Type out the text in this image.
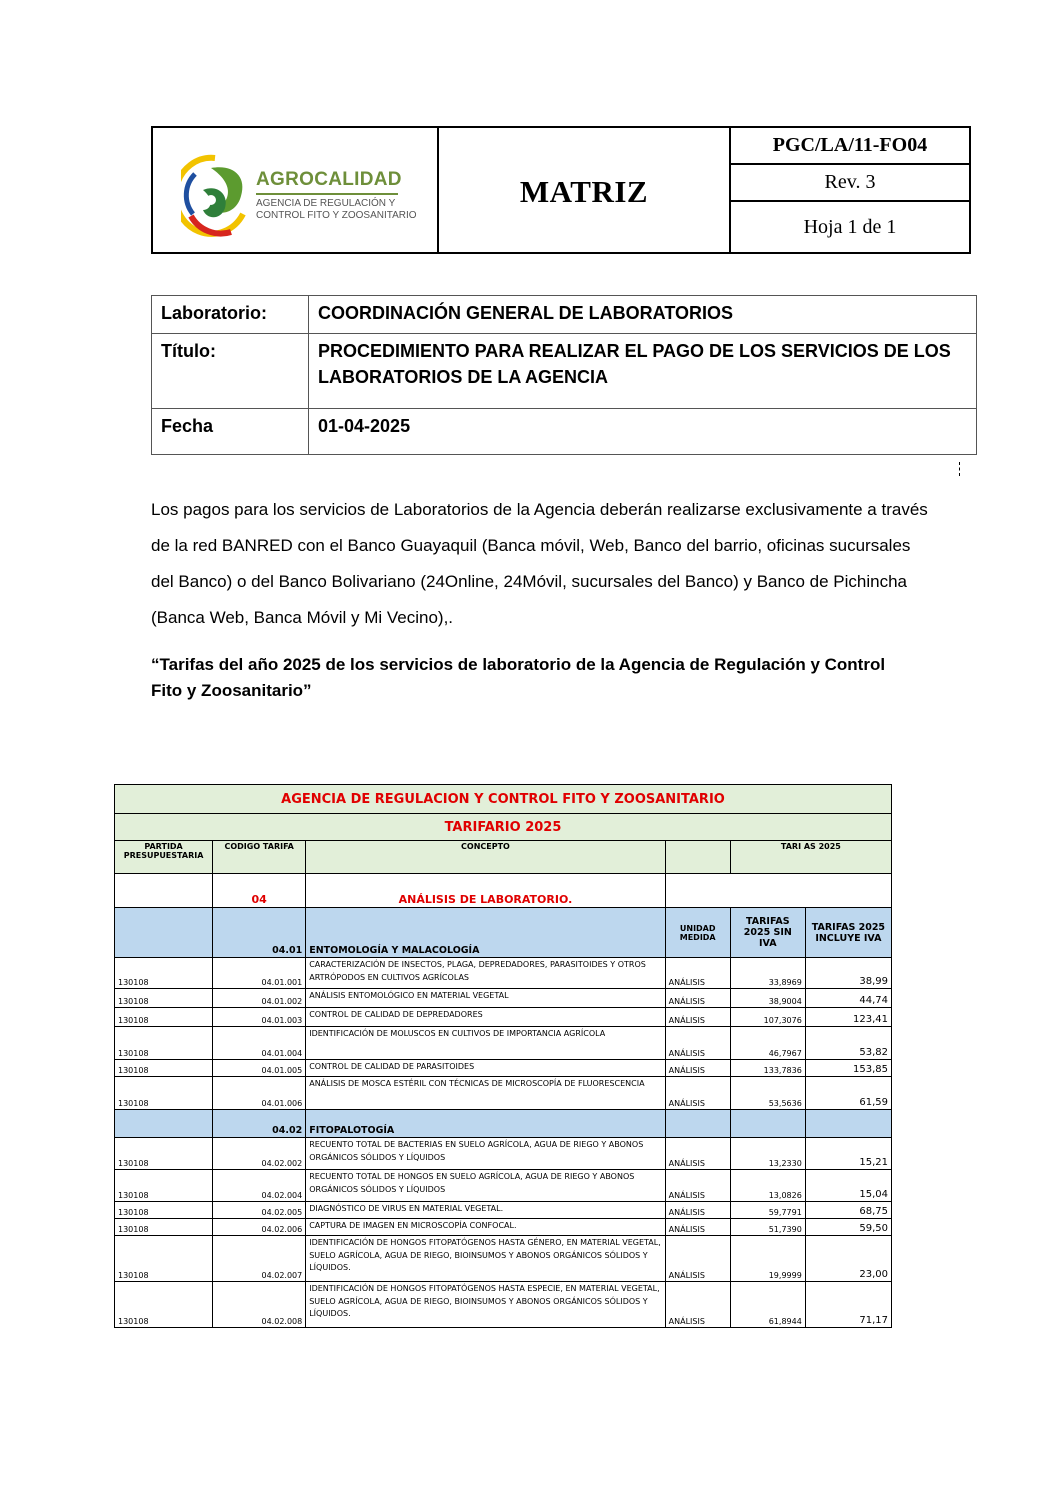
AGROCALIDAD
AGENCIA DE REGULACIÓN Y
CONTROL FITO Y ZOOSANITARIO
MATRIZ
PGC/LA/11-FO04
Rev. 3
Hoja 1 de 1
Laboratorio:	COORDINACIÓN GENERAL DE LABORATORIOS
Título:	PROCEDIMIENTO PARA REALIZAR EL PAGO DE LOS SERVICIOS DE LOS LABORATORIOS DE LA AGENCIA
Fecha	01-04-2025
Los pagos para los servicios de Laboratorios de la Agencia deberán realizarse exclusivamente a través de la red BANRED con el Banco Guayaquil (Banca móvil, Web, Banco del barrio, oficinas sucursales del Banco) o del Banco Bolivariano (24Online, 24Móvil, sucursales del Banco) y Banco de Pichincha (Banca Web, Banca Móvil y Mi Vecino),.
“Tarifas del año 2025 de los servicios de laboratorio de la Agencia de Regulación y Control Fito y Zoosanitario”
AGENCIA DE REGULACION Y CONTROL FITO Y ZOOSANITARIO					
TARIFARIO 2025					
PARTIDA PRESUPUESTARIA	CODIGO TARIFA	CONCEPTO		TARI AS 2025	
	04	ANÁLISIS DE LABORATORIO.			
	04.01	ENTOMOLOGÍA Y MALACOLOGÍA	UNIDAD MEDIDA	TARIFAS 2025 SIN IVA	TARIFAS 2025 INCLUYE IVA
130108	04.01.001	CARACTERIZACIÓN DE INSECTOS, PLAGA, DEPREDADORES, PARASITOIDES Y OTROS ARTRÓPODOS EN CULTIVOS AGRÍCOLAS	ANÁLISIS	33,8969	38,99
130108	04.01.002	ANÁLISIS ENTOMOLÓGICO EN MATERIAL VEGETAL	ANÁLISIS	38,9004	44,74
130108	04.01.003	CONTROL DE CALIDAD DE DEPREDADORES	ANÁLISIS	107,3076	123,41
130108	04.01.004	IDENTIFICACIÓN DE MOLUSCOS EN CULTIVOS DE IMPORTANCIA AGRÍCOLA	ANÁLISIS	46,7967	53,82
130108	04.01.005	CONTROL DE CALIDAD DE PARASITOIDES	ANÁLISIS	133,7836	153,85
130108	04.01.006	ANÁLISIS DE MOSCA ESTÉRIL CON TÉCNICAS DE MICROSCOPÍA DE FLUORESCENCIA	ANÁLISIS	53,5636	61,59
	04.02	FITOPALOTOGÍA			
130108	04.02.002	RECUENTO TOTAL DE BACTERIAS EN SUELO AGRÍCOLA, AGUA DE RIEGO Y ABONOS ORGÁNICOS SÓLIDOS Y LÍQUIDOS	ANÁLISIS	13,2330	15,21
130108	04.02.004	RECUENTO TOTAL DE HONGOS EN SUELO AGRÍCOLA, AGUA DE RIEGO Y ABONOS ORGÁNICOS SÓLIDOS Y LÍQUIDOS	ANÁLISIS	13,0826	15,04
130108	04.02.005	DIAGNÓSTICO DE VIRUS EN MATERIAL VEGETAL.	ANÁLISIS	59,7791	68,75
130108	04.02.006	CAPTURA DE IMAGEN EN MICROSCOPÍA CONFOCAL.	ANÁLISIS	51,7390	59,50
130108	04.02.007	IDENTIFICACIÓN DE HONGOS FITOPATÓGENOS HASTA GÉNERO, EN MATERIAL VEGETAL, SUELO AGRÍCOLA, AGUA DE RIEGO, BIOINSUMOS Y ABONOS ORGÁNICOS SÓLIDOS Y LÍQUIDOS.	ANÁLISIS	19,9999	23,00
130108	04.02.008	IDENTIFICACIÓN DE HONGOS FITOPATÓGENOS HASTA ESPECIE, EN MATERIAL VEGETAL, SUELO AGRÍCOLA, AGUA DE RIEGO, BIOINSUMOS Y ABONOS ORGÁNICOS SÓLIDOS Y LÍQUIDOS.	ANÁLISIS	61,8944	71,17
